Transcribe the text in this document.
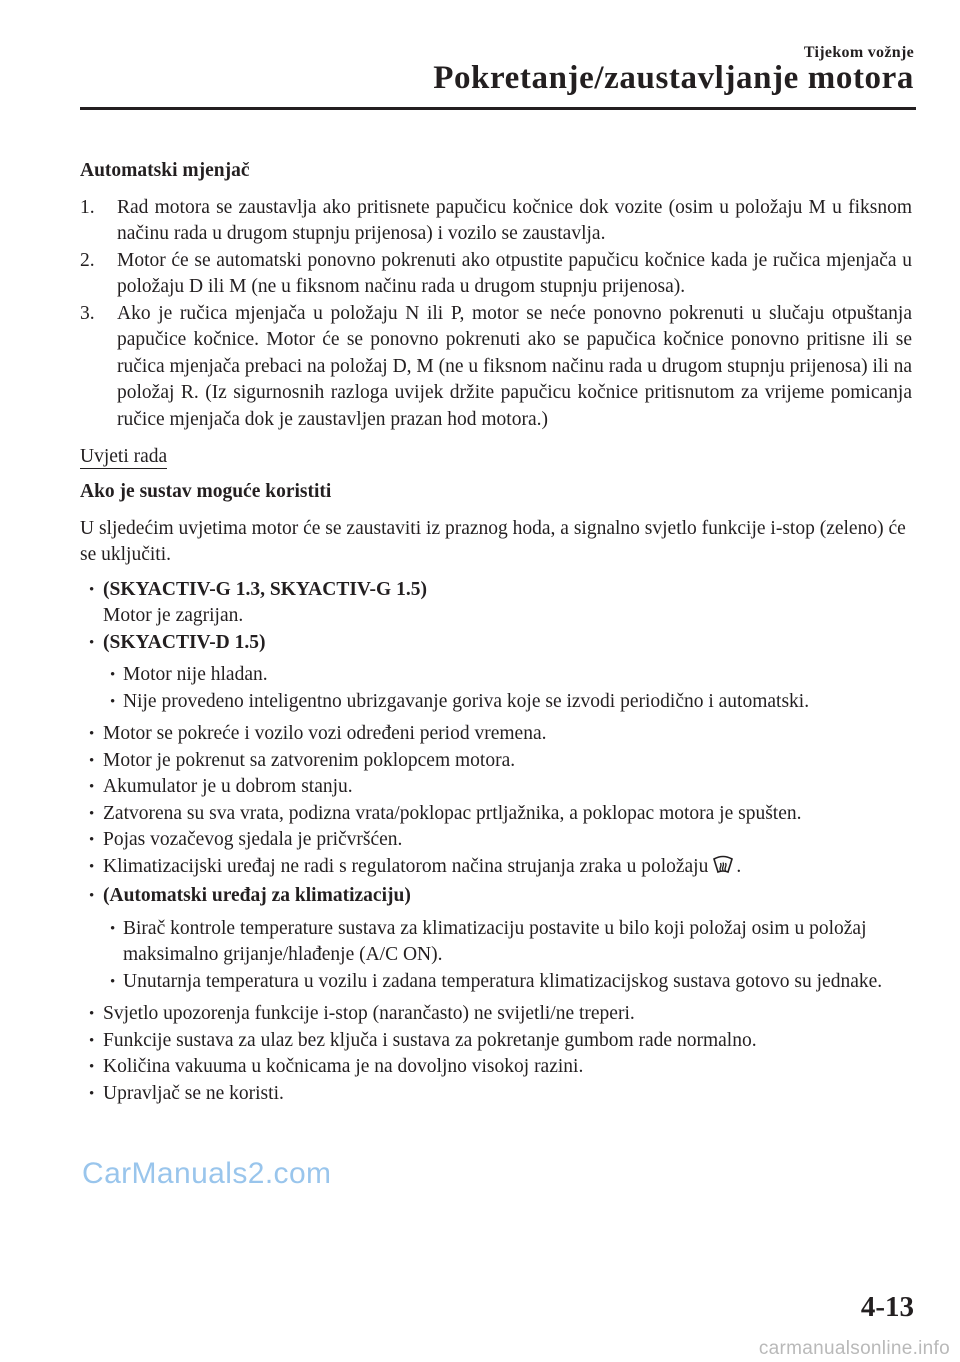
Tijekom vožnje
Pokretanje/zaustavljanje motora
Automatski mjenjač
1. Rad motora se zaustavlja ako pritisnete papučicu kočnice dok vozite (osim u položaju M u fiksnom načinu rada u drugom stupnju prijenosa) i vozilo se zaustavlja.
2. Motor će se automatski ponovno pokrenuti ako otpustite papučicu kočnice kada je ručica mjenjača u položaju D ili M (ne u fiksnom načinu rada u drugom stupnju prijenosa).
3. Ako je ručica mjenjača u položaju N ili P, motor se neće ponovno pokrenuti u slučaju otpuštanja papučice kočnice. Motor će se ponovno pokrenuti ako se papučica kočnice ponovno pritisne ili se ručica mjenjača prebaci na položaj D, M (ne u fiksnom načinu rada u drugom stupnju prijenosa) ili na položaj R. (Iz sigurnosnih razloga uvijek držite papučicu kočnice pritisnutom za vrijeme pomicanja ručice mjenjača dok je zaustavljen prazan hod motora.)
Uvjeti rada
Ako je sustav moguće koristiti

U sljedećim uvjetima motor će se zaustaviti iz praznog hoda, a signalno svjetlo funkcije i-stop (zeleno) će se uključiti.

• (SKYACTIV-G 1.3, SKYACTIV-G 1.5)
Motor je zagrijan.
• (SKYACTIV-D 1.5)
• Motor nije hladan.
• Nije provedeno inteligentno ubrizgavanje goriva koje se izvodi periodično i automatski.
• Motor se pokreće i vozilo vozi određeni period vremena.
• Motor je pokrenut sa zatvorenim poklopcem motora.
• Akumulator je u dobrom stanju.
• Zatvorena su sva vrata, podizna vrata/poklopac prtljažnika, a poklopac motora je spušten.
• Pojas vozačevog sjedala je pričvršćen.
• Klimatizacijski uređaj ne radi s regulatorom načina strujanja zraka u položaju .
• (Automatski uređaj za klimatizaciju)
• Birač kontrole temperature sustava za klimatizaciju postavite u bilo koji položaj osim u položaj maksimalno grijanje/hlađenje (A/C ON).
• Unutarnja temperatura u vozilu i zadana temperatura klimatizacijskog sustava gotovo su jednake.
• Svjetlo upozorenja funkcije i-stop (narančasto) ne svijetli/ne treperi.
• Funkcije sustava za ulaz bez ključa i sustava za pokretanje gumbom rade normalno.
• Količina vakuuma u kočnicama je na dovoljno visokoj razini.
• Upravljač se ne koristi.
CarManuals2.com
4-13
carmanualsonline.info
